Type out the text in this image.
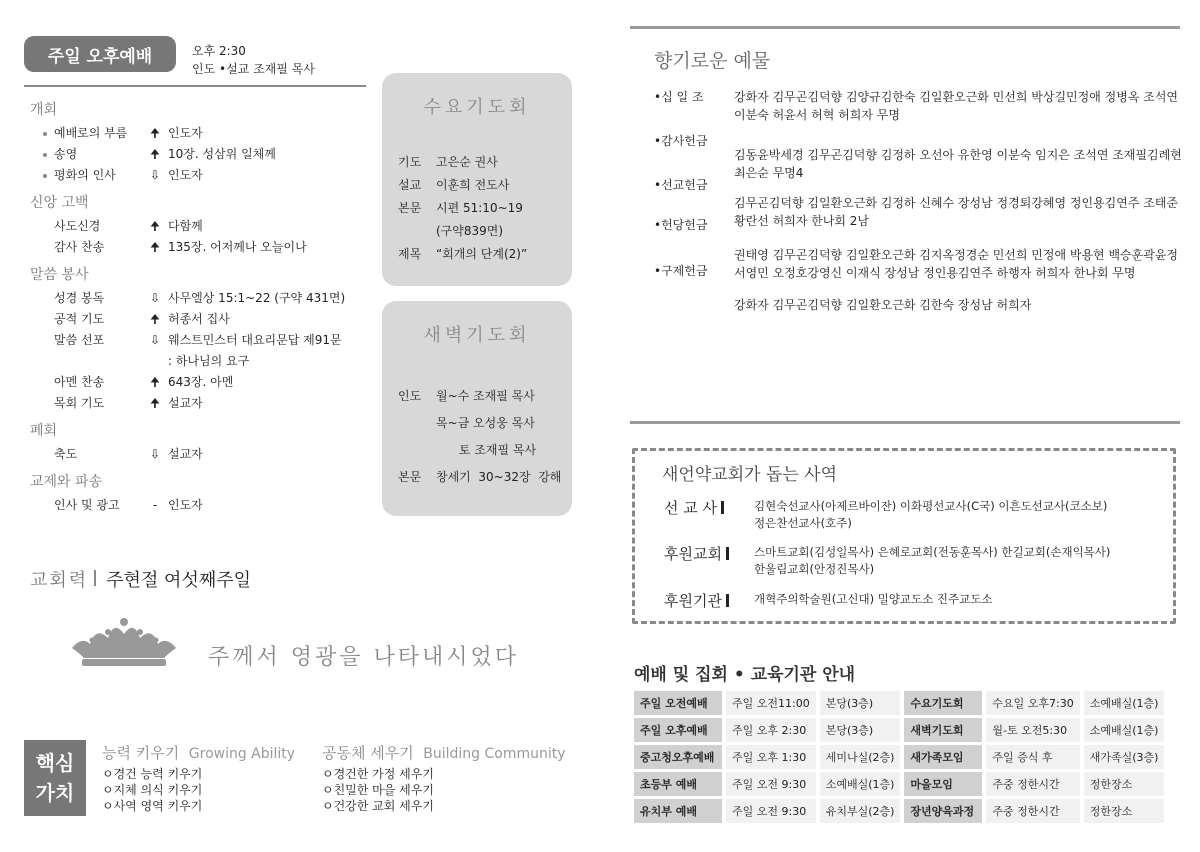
주일 오후예배	오후 2:30
인도 •설교 조재필 목사
개회
예배로의 부름	🠉 인도자
송영	🠉 10장. 성삼위 일체께
평화의 인사	⇩ 인도자
신앙 고백
사도신경	🠉 다함께
감사 찬송	🠉 135장. 어저께나 오늘이나
말씀 봉사
성경 봉독	⇩ 사무엘상 15:1~22 (구약 431면)
공적 기도	🠉 허종서 집사
말씀 선포	⇩ 웨스트민스터 대요리문답 제91문
: 하나님의 요구
아멘 찬송	🠉 643장. 아멘
목회 기도	🠉 설교자
폐회
축도	⇩ 설교자
교제와 파송
인사 및 광고	- 인도자
수요기도회
기도	고은순 권사
설교	이훈희 전도사
본문	시편 51:10~19
(구약839면)
제목	“회개의 단계(2)”
새벽기도회
인도	월~수 조재필 목사
목~금 오성웅 목사
토 조재필 목사
본문	창세기  30~32장  강해
교회력 주현절 여섯째주일
주께서 영광을 나타내시었다
핵심
가치
능력 키우기 Growing Ability
ㅇ경건 능력 키우기
ㅇ지체 의식 키우기
ㅇ사역 영역 키우기
공동체 세우기 Building Community
ㅇ경건한 가정 세우기
ㅇ친밀한 마을 세우기
ㅇ건강한 교회 세우기
향기로운 예물
•십 일 조	강화자 김무곤김덕향 김양규김한숙 김일환오근화 민선희 박상길민정애 정병옥 조석연 이분숙 허윤서 허혁 허희자 무명
•감사헌금
김동윤박세경 김무곤김덕향 김정하 오선아 유한영 이분숙 임지은 조석연 조재필김례현 최은순 무명4
•선교헌금
김무곤김덕향 김일환오근화 김정하 신혜수 장성남 정경퇴강혜영 정인용김연주 조태준 황란선 허희자 한나회 2남
•헌당헌금
권태영 김무곤김덕향 김일환오근화 김지옥정경순 민선희 민정애 박용현 백승훈곽윤정 서영민 오정호강영신 이재식 장성남 정인용김연주 하행자 허희자 한나회 무명
•구제헌금
강화자 김무곤김덕향 김일환오근화 김한숙 장성남 허희자
새언약교회가 돕는 사역
선 교 사	김현숙선교사(아제르바이잔) 이화평선교사(C국) 이흔도선교사(코소보)
정은찬선교사(호주)
후원교회	스마트교회(김성일목사) 은혜로교회(전동훈목사) 한길교회(손재익목사)
한울림교회(안정진목사)
후원기관	개혁주의학술원(고신대) 밀양교도소 진주교도소
예배 및 집회 • 교육기관 안내
주일 오전예배	주일 오전11:00	본당(3층)	수요기도회	수요일 오후7:30	소예배실(1층)
주일 오후예배	주일 오후 2:30	본당(3층)	새벽기도회	월-토 오전5:30	소예배실(1층)
중고청오후예배	주일 오후 1:30	세미나실(2층)	새가족모임	주일 증식 후	새가족실(3층)
초등부 예배	주일 오전 9:30	소예배실(1층)	마을모임	주중 정한시간	정한장소
유치부 예배	주일 오전 9:30	유치부실(2층)	장년양육과정	주중 정한시간	정한장소
